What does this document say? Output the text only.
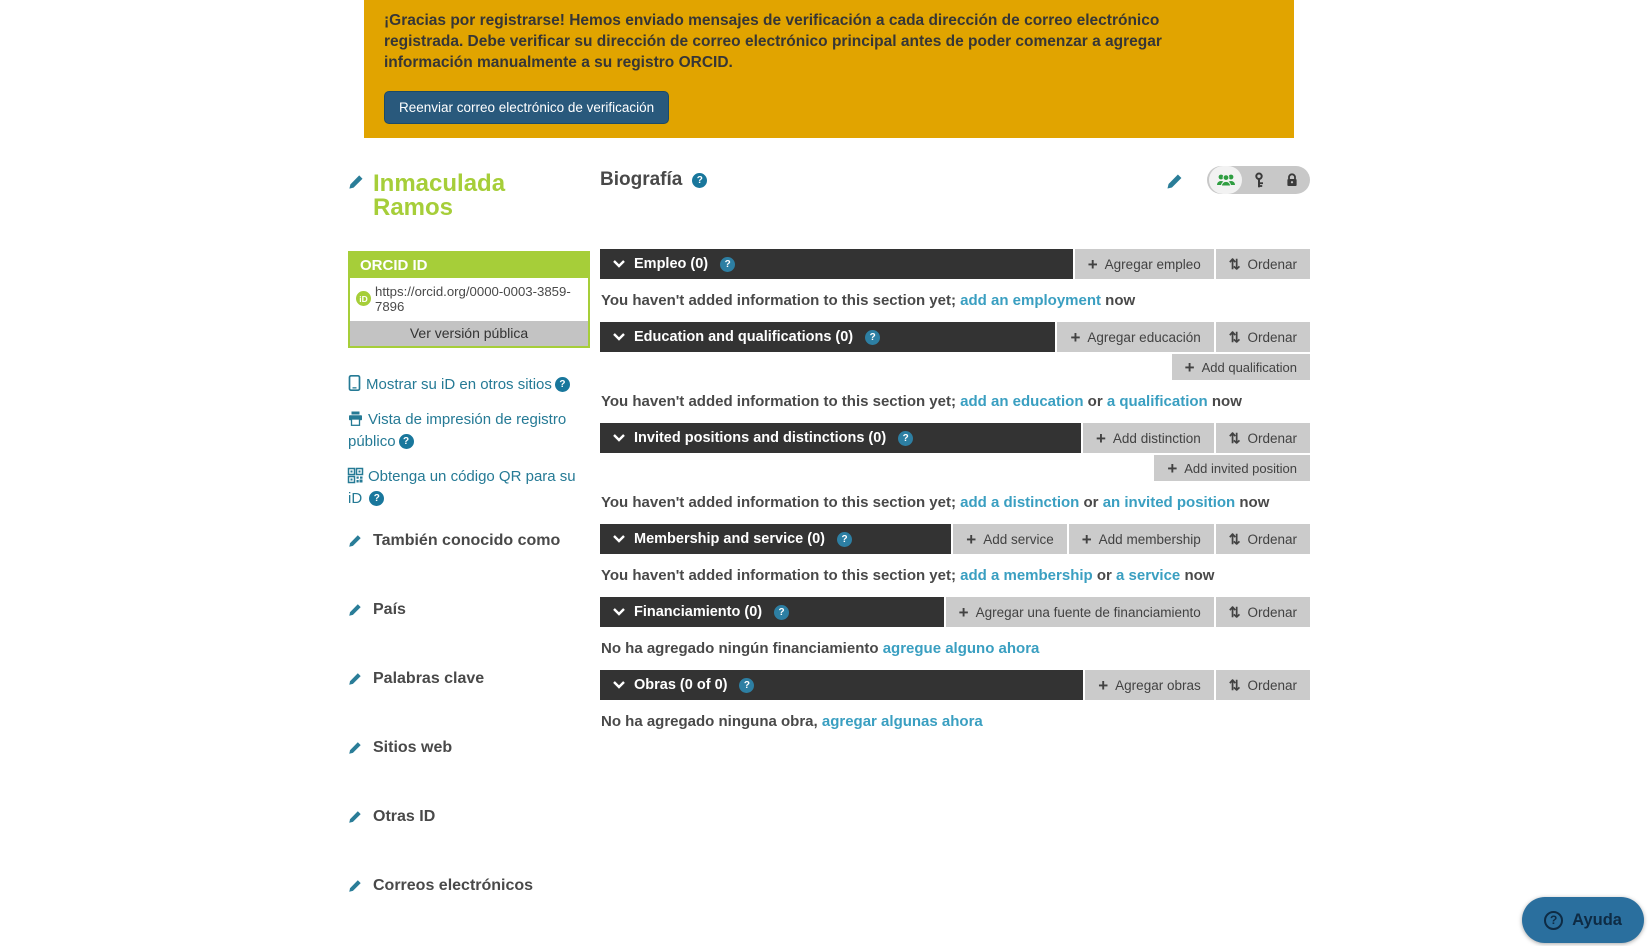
¡Gracias por registrarse! Hemos enviado mensajes de verificación a cada dirección de correo electrónico registrada. Debe verificar su dirección de correo electrónico principal antes de poder comenzar a agregar información manualmente a su registro ORCID.

Reenviar correo electrónico de verificación
Inmaculada Ramos
ORCID ID
iD https://orcid.org/0000-0003-3859-7896
Ver versión pública
Mostrar su iD en otros sitios ?
Vista de impresión de registro público ?
Obtenga un código QR para su iD ?
También conocido como
País
Palabras clave
Sitios web
Otras ID
Correos electrónicos
Biografía	?
Empleo (0)	?	+ Agregar empleo ⇅ Ordenar

You haven't added information to this section yet; add an employment now

Education and qualifications (0)	?	+ Agregar educación ⇅ Ordenar
+ Add qualification

You haven't added information to this section yet; add an education or a qualification now

Invited positions and distinctions (0)	?	+ Add distinction ⇅ Ordenar
+ Add invited position

You haven't added information to this section yet; add a distinction or an invited position now

Membership and service (0)	?	+ Add service + Add membership ⇅ Ordenar

You haven't added information to this section yet; add a membership or a service now

Financiamiento (0)	?	+ Agregar una fuente de financiamiento ⇅ Ordenar

No ha agregado ningún financiamiento agregue alguno ahora

Obras (0 of 0)	?	+ Agregar obras ⇅ Ordenar

No ha agregado ninguna obra, agregar algunas ahora

? Ayuda
